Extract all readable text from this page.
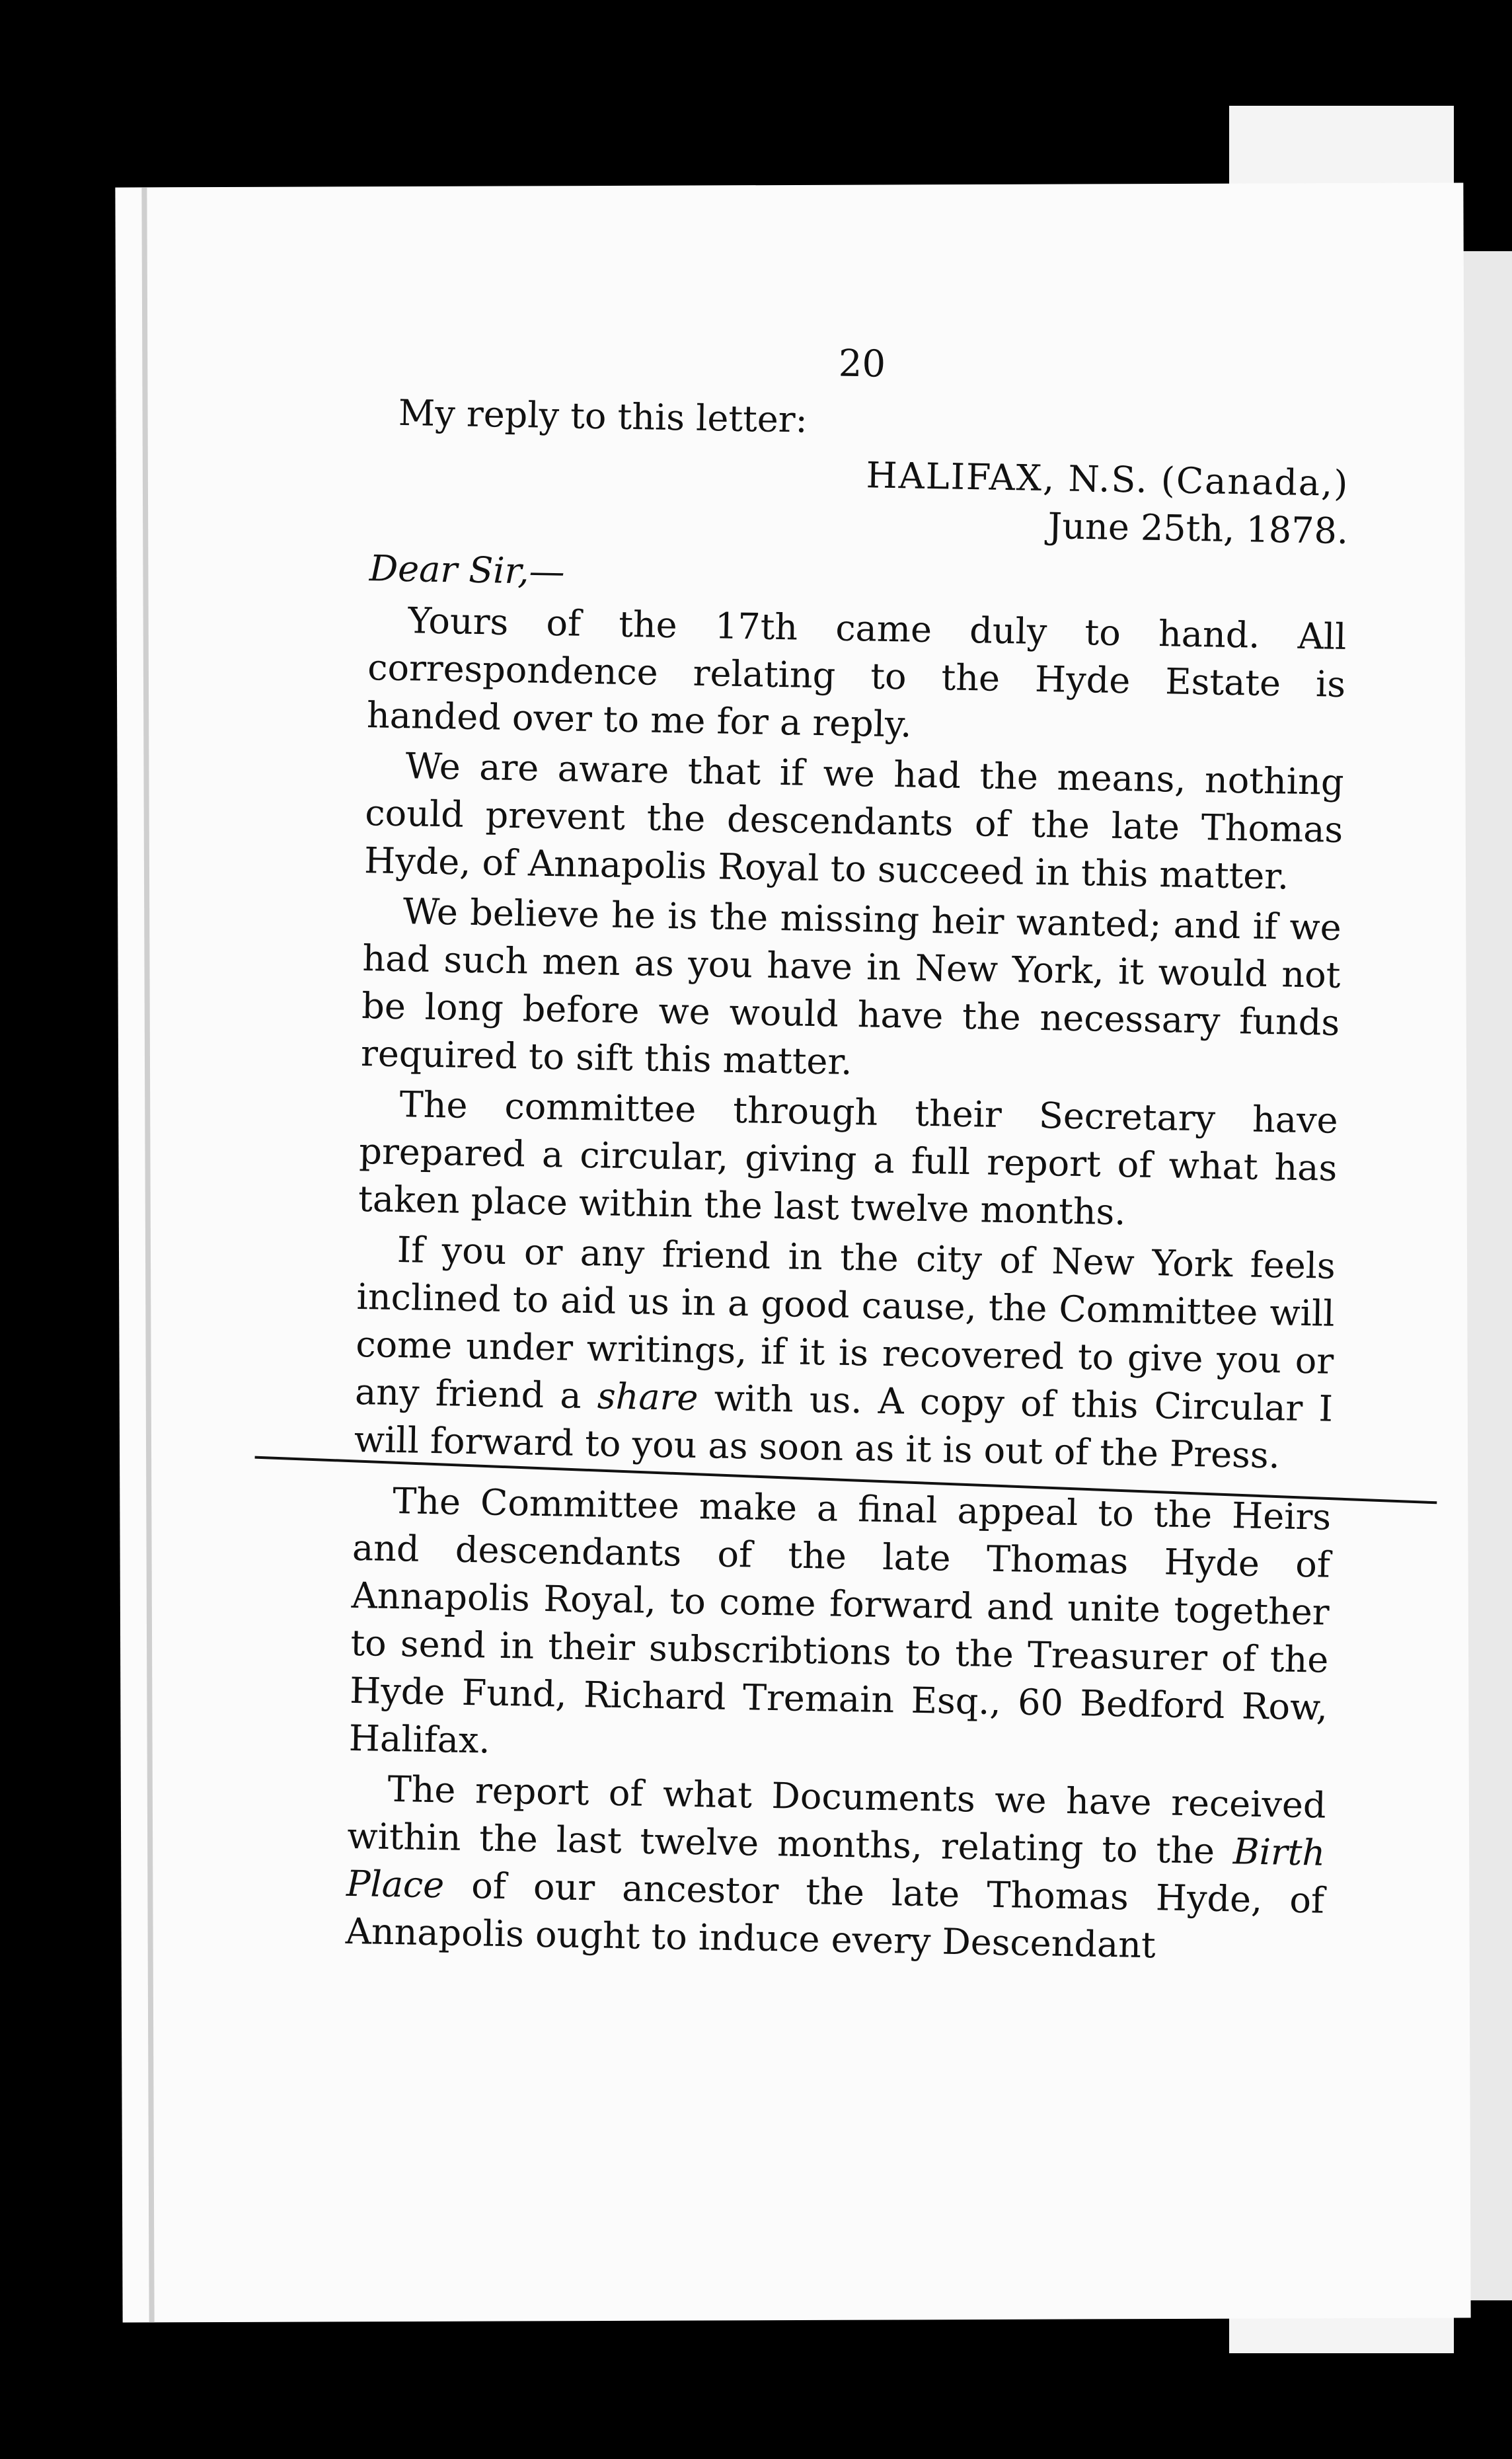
20
My reply to this letter:
HALIFAX, N.S. (Canada,)
June 25th, 1878.
Dear Sir,—

Yours of the 17th came duly to hand. All correspondence relating to the Hyde Estate is handed over to me for a reply.

We are aware that if we had the means, nothing could prevent the descendants of the late Thomas Hyde, of Annapolis Royal to succeed in this matter.

We believe he is the missing heir wanted; and if we had such men as you have in New York, it would not be long before we would have the necessary funds required to sift this matter.

The committee through their Secretary have prepared a circular, giving a full report of what has taken place within the last twelve months.

If you or any friend in the city of New York feels inclined to aid us in a good cause, the Committee will come under writings, if it is recovered to give you or any friend a share with us. A copy of this Circular I will forward to you as soon as it is out of the Press.

The Committee make a final appeal to the Heirs and descendants of the late Thomas Hyde of Annapolis Royal, to come forward and unite together to send in their subscribtions to the Treasurer of the Hyde Fund, Richard Tremain Esq., 60 Bedford Row, Halifax.

The report of what Documents we have received within the last twelve months, relating to the Birth Place of our ancestor the late Thomas Hyde, of Annapolis ought to induce every Descendant
